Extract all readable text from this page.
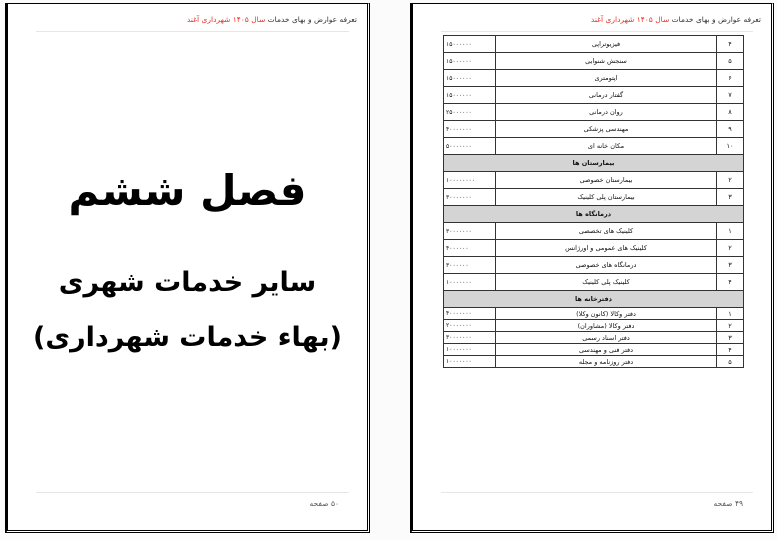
تعرفه عوارض و بهای خدمات سال ۱۴۰۵ شهرداری آغند
فصل ششم
سایر خدمات شهری
(بهاء خدمات شهرداری)
۵۰ صفحه
تعرفه عوارض و بهای خدمات سال ۱۴۰۵ شهرداری آغند
۴	فیزیوتراپی	۱۵۰۰۰۰۰۰
۵	سنجش شنوایی	۱۵۰۰۰۰۰۰
۶	اپتومتری	۱۵۰۰۰۰۰۰
۷	گفتار درمانی	۱۵۰۰۰۰۰۰
۸	روان درمانی	۲۵۰۰۰۰۰۰
۹	مهندسی پزشکی	۴۰۰۰۰۰۰۰
۱۰	مکان خانه ای	۵۰۰۰۰۰۰۰
بیمارستان ها		
۲	بیمارستان خصوصی	۱۰۰۰۰۰۰۰۰
۳	بیمارستان پلی کلینیک	۳۰۰۰۰۰۰۰
درمانگاه ها		
۱	کلینیک های تخصصی	۳۰۰۰۰۰۰۰
۲	کلینیک های عمومی و اورژانس	۴۰۰۰۰۰۰
۳	درمانگاه های خصوصی	۳۰۰۰۰۰۰
۴	کلینیک پلی کلینیک	۱۰۰۰۰۰۰۰
دفترخانه ها		
۱	دفتر وکالا (کانون وکلا)	۴۰۰۰۰۰۰۰
۲	دفتر وکالا (مشاوران)	۲۰۰۰۰۰۰۰
۳	دفتر اسناد رسمی	۳۰۰۰۰۰۰۰
۴	دفتر فنی و مهندسی	۱۰۰۰۰۰۰۰
۵	دفتر روزنامه و مجله	۱۰۰۰۰۰۰۰
۴۹ صفحه
